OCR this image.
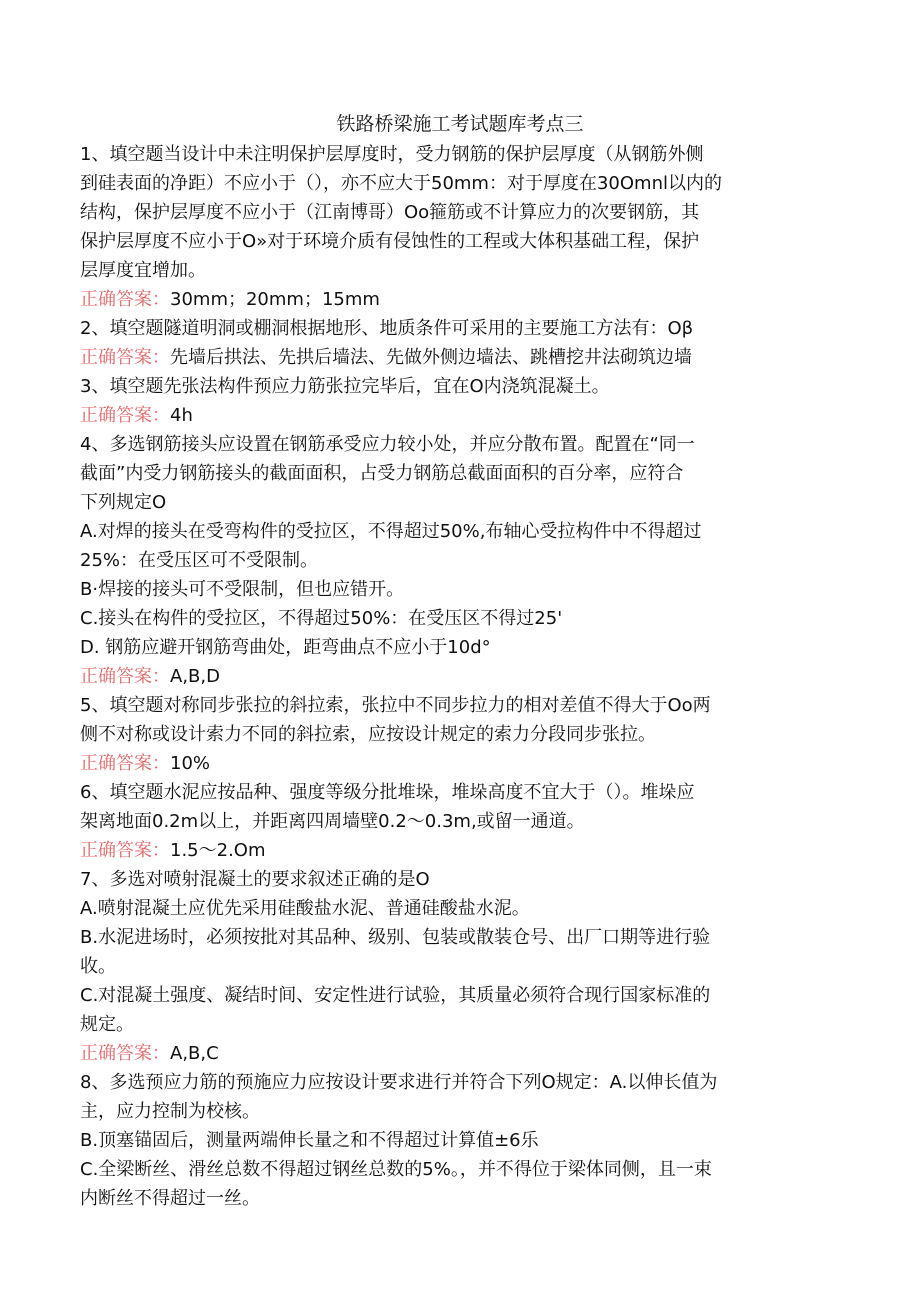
铁路桥梁施工考试题库考点三

1、填空题当设计中未注明保护层厚度时，受力钢筋的保护层厚度（从钢筋外侧

到硅表面的净距）不应小于（），亦不应大于50mm：对于厚度在30Omnl以内的

结构，保护层厚度不应小于（江南博哥）Oo箍筋或不计算应力的次要钢筋，其

保护层厚度不应小于O»对于环境介质有侵蚀性的工程或大体积基础工程，保护

层厚度宜增加。

正确答案：30mm；20mm；15mm

2、填空题隧道明洞或棚洞根据地形、地质条件可采用的主要施工方法有：Oβ

正确答案：先墙后拱法、先拱后墙法、先做外侧边墙法、跳槽挖井法砌筑边墙

3、填空题先张法构件预应力筋张拉完毕后，宜在O内浇筑混凝土。

正确答案：4h

4、多选钢筋接头应设置在钢筋承受应力较小处，并应分散布置。配置在“同一

截面”内受力钢筋接头的截面面积，占受力钢筋总截面面积的百分率，应符合

下列规定O

A.对焊的接头在受弯构件的受拉区，不得超过50%,布轴心受拉构件中不得超过

25%：在受压区可不受限制。

B·焊接的接头可不受限制，但也应错开。

C.接头在构件的受拉区，不得超过50%：在受压区不得过25'

D. 钢筋应避开钢筋弯曲处，距弯曲点不应小于10d°

正确答案：A,B,D

5、填空题对称同步张拉的斜拉索，张拉中不同步拉力的相对差值不得大于Oo两

侧不对称或设计索力不同的斜拉索，应按设计规定的索力分段同步张拉。

正确答案：10%

6、填空题水泥应按品种、强度等级分批堆垛，堆垛高度不宜大于（）。堆垛应

架离地面0.2m以上，并距离四周墙壁0.2〜0.3m,或留一通道。

正确答案：1.5〜2.Om

7、多选对喷射混凝土的要求叙述正确的是O

A.喷射混凝土应优先采用硅酸盐水泥、普通硅酸盐水泥。

B.水泥进场时，必须按批对其品种、级别、包装或散装仓号、出厂口期等进行验

收。

C.对混凝土强度、凝结时间、安定性进行试验，其质量必须符合现行国家标准的

规定。

正确答案：A,B,C

8、多选预应力筋的预施应力应按设计要求进行并符合下列O规定：A.以伸长值为

主，应力控制为校核。

B.顶塞锚固后，测量两端伸长量之和不得超过计算值±6乐

C.全梁断丝、滑丝总数不得超过钢丝总数的5%。，并不得位于梁体同侧，且一束

内断丝不得超过一丝。
